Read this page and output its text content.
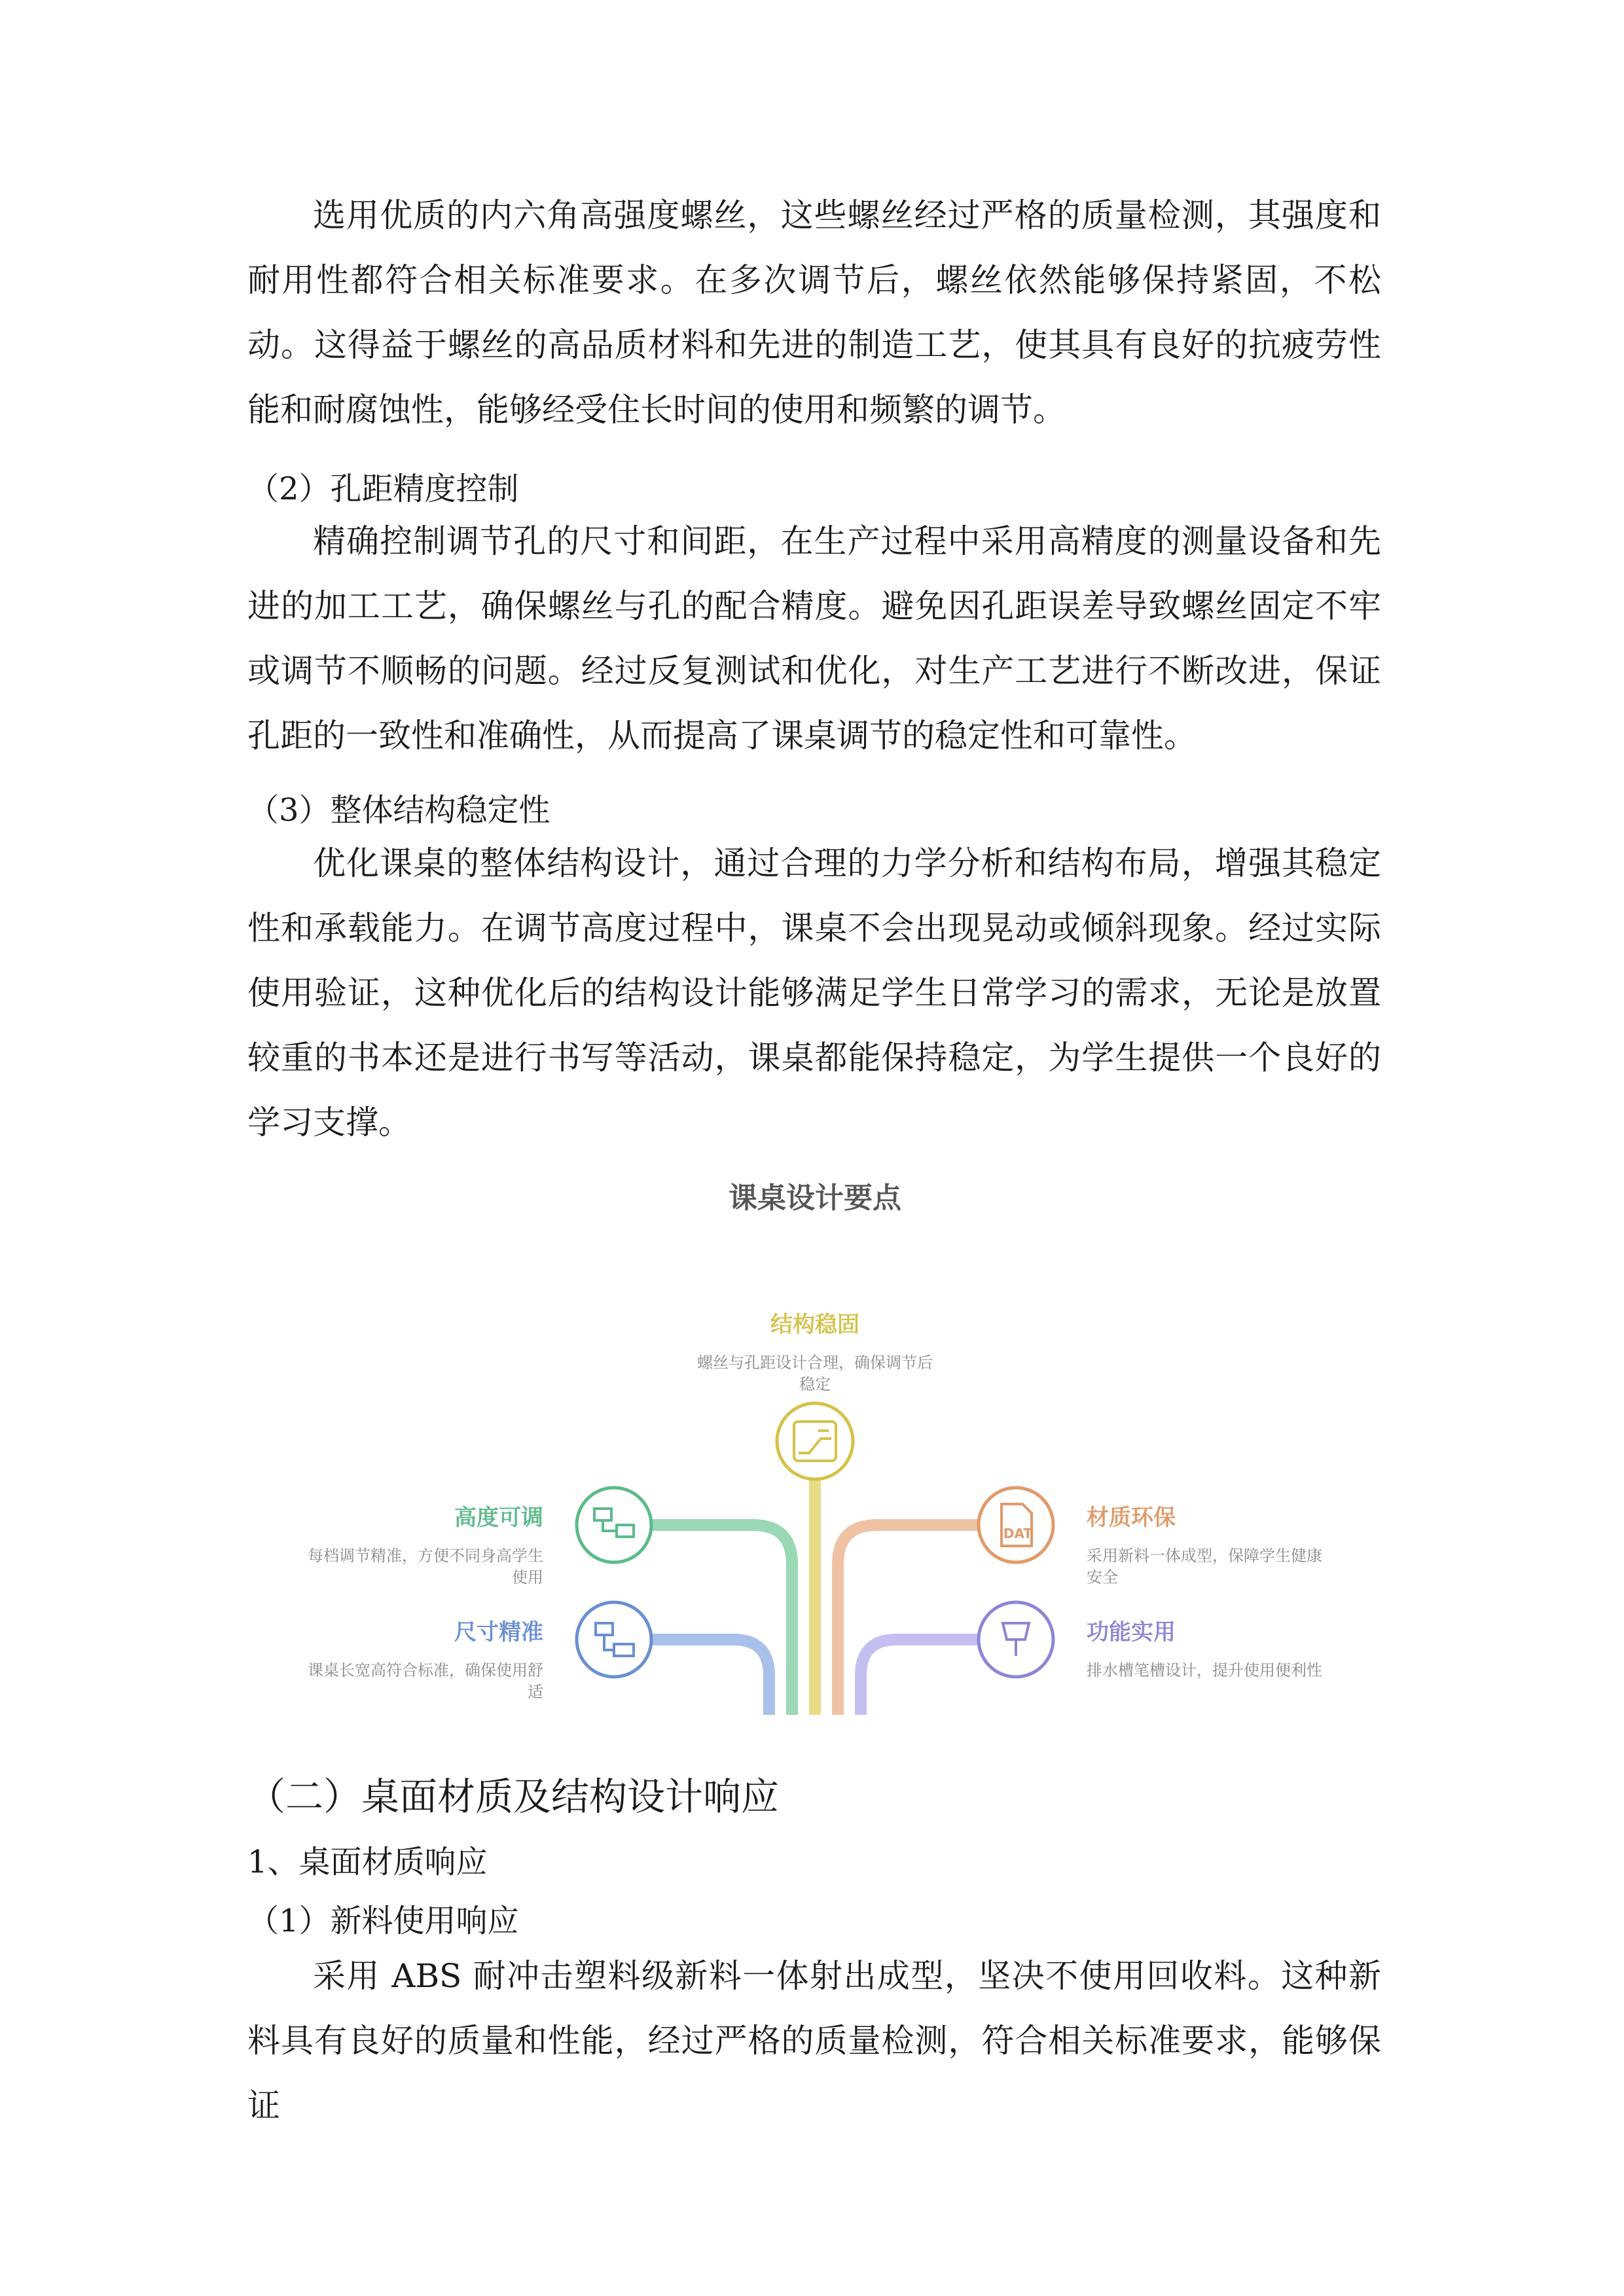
选用优质的内六角高强度螺丝，这些螺丝经过严格的质量检测，其强度和耐用性都符合相关标准要求。在多次调节后，螺丝依然能够保持紧固，不松动。这得益于螺丝的高品质材料和先进的制造工艺，使其具有良好的抗疲劳性能和耐腐蚀性，能够经受住长时间的使用和频繁的调节。

（2）孔距精度控制

精确控制调节孔的尺寸和间距，在生产过程中采用高精度的测量设备和先进的加工工艺，确保螺丝与孔的配合精度。避免因孔距误差导致螺丝固定不牢或调节不顺畅的问题。经过反复测试和优化，对生产工艺进行不断改进，保证孔距的一致性和准确性，从而提高了课桌调节的稳定性和可靠性。

（3）整体结构稳定性

优化课桌的整体结构设计，通过合理的力学分析和结构布局，增强其稳定性和承载能力。在调节高度过程中，课桌不会出现晃动或倾斜现象。经过实际使用验证，这种优化后的结构设计能够满足学生日常学习的需求，无论是放置较重的书本还是进行书写等活动，课桌都能保持稳定，为学生提供一个良好的学习支撑。

课桌设计要点
结构稳固
螺丝与孔距设计合理，确保调节后
稳定
DAT
高度可调
每档调节精准，方便不同身高学生
使用
尺寸精准
课桌长宽高符合标准，确保使用舒
适
材质环保
采用新料一体成型，保障学生健康
安全
功能实用
排水槽笔槽设计，提升使用便利性

（二）桌面材质及结构设计响应

1、桌面材质响应

（1）新料使用响应

采用 ABS 耐冲击塑料级新料一体射出成型，坚决不使用回收料。这种新料具有良好的质量和性能，经过严格的质量检测，符合相关标准要求，能够保证
